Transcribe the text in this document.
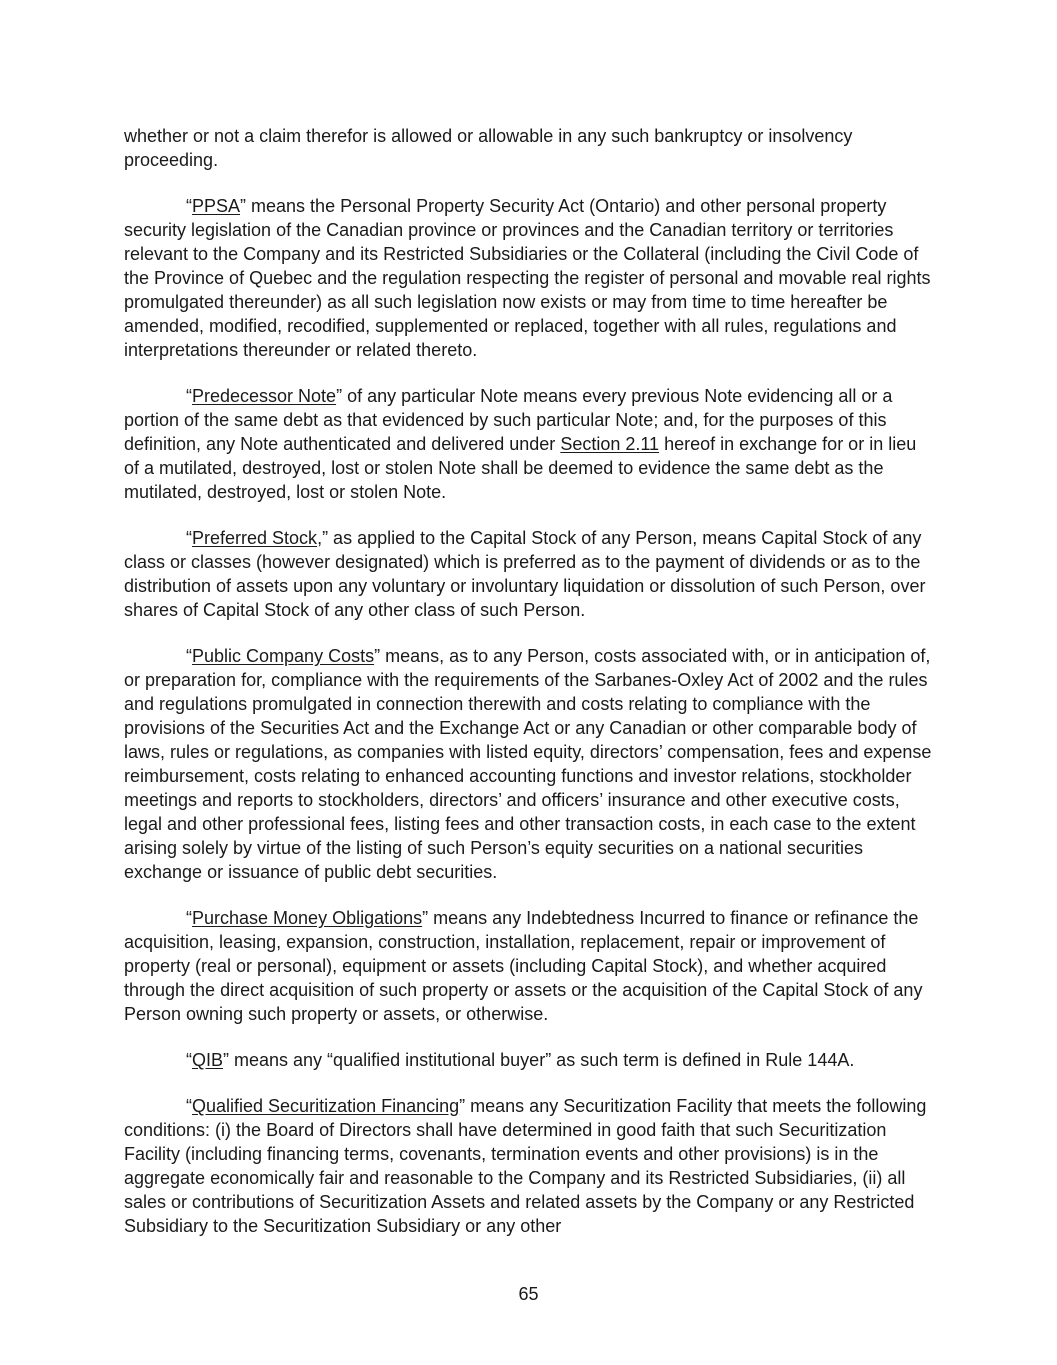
whether or not a claim therefor is allowed or allowable in any such bankruptcy or insolvency proceeding.

“PPSA” means the Personal Property Security Act (Ontario) and other personal property security legislation of the Canadian province or provinces and the Canadian territory or territories relevant to the Company and its Restricted Subsidiaries or the Collateral (including the Civil Code of the Province of Quebec and the regulation respecting the register of personal and movable real rights promulgated thereunder) as all such legislation now exists or may from time to time hereafter be amended, modified, recodified, supplemented or replaced, together with all rules, regulations and interpretations thereunder or related thereto.

“Predecessor Note” of any particular Note means every previous Note evidencing all or a portion of the same debt as that evidenced by such particular Note; and, for the purposes of this definition, any Note authenticated and delivered under Section 2.11 hereof in exchange for or in lieu of a mutilated, destroyed, lost or stolen Note shall be deemed to evidence the same debt as the mutilated, destroyed, lost or stolen Note.

“Preferred Stock,” as applied to the Capital Stock of any Person, means Capital Stock of any class or classes (however designated) which is preferred as to the payment of dividends or as to the distribution of assets upon any voluntary or involuntary liquidation or dissolution of such Person, over shares of Capital Stock of any other class of such Person.

“Public Company Costs” means, as to any Person, costs associated with, or in anticipation of, or preparation for, compliance with the requirements of the Sarbanes-Oxley Act of 2002 and the rules and regulations promulgated in connection therewith and costs relating to compliance with the provisions of the Securities Act and the Exchange Act or any Canadian or other comparable body of laws, rules or regulations, as companies with listed equity, directors’ compensation, fees and expense reimbursement, costs relating to enhanced accounting functions and investor relations, stockholder meetings and reports to stockholders, directors’ and officers’ insurance and other executive costs, legal and other professional fees, listing fees and other transaction costs, in each case to the extent arising solely by virtue of the listing of such Person’s equity securities on a national securities exchange or issuance of public debt securities.

“Purchase Money Obligations” means any Indebtedness Incurred to finance or refinance the acquisition, leasing, expansion, construction, installation, replacement, repair or improvement of property (real or personal), equipment or assets (including Capital Stock), and whether acquired through the direct acquisition of such property or assets or the acquisition of the Capital Stock of any Person owning such property or assets, or otherwise.

“QIB” means any “qualified institutional buyer” as such term is defined in Rule 144A.

“Qualified Securitization Financing” means any Securitization Facility that meets the following conditions: (i) the Board of Directors shall have determined in good faith that such Securitization Facility (including financing terms, covenants, termination events and other provisions) is in the aggregate economically fair and reasonable to the Company and its Restricted Subsidiaries, (ii) all sales or contributions of Securitization Assets and related assets by the Company or any Restricted Subsidiary to the Securitization Subsidiary or any other

65
